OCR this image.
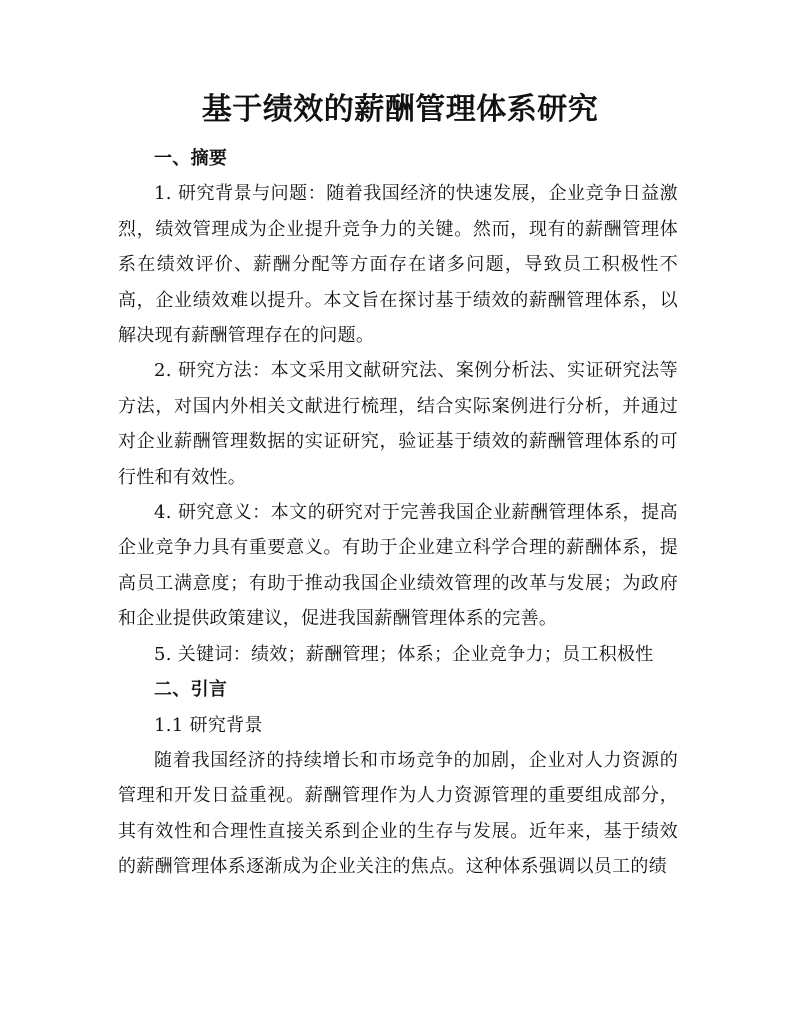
基于绩效的薪酬管理体系研究

一、摘要

1. 研究背景与问题：随着我国经济的快速发展，企业竞争日益激烈，绩效管理成为企业提升竞争力的关键。然而，现有的薪酬管理体系在绩效评价、薪酬分配等方面存在诸多问题，导致员工积极性不高，企业绩效难以提升。本文旨在探讨基于绩效的薪酬管理体系，以解决现有薪酬管理存在的问题。

2. 研究方法：本文采用文献研究法、案例分析法、实证研究法等方法，对国内外相关文献进行梳理，结合实际案例进行分析，并通过对企业薪酬管理数据的实证研究，验证基于绩效的薪酬管理体系的可行性和有效性。

4. 研究意义：本文的研究对于完善我国企业薪酬管理体系，提高企业竞争力具有重要意义。有助于企业建立科学合理的薪酬体系，提高员工满意度；有助于推动我国企业绩效管理的改革与发展；为政府和企业提供政策建议，促进我国薪酬管理体系的完善。

5. 关键词：绩效；薪酬管理；体系；企业竞争力；员工积极性

二、引言

1.1 研究背景

随着我国经济的持续增长和市场竞争的加剧，企业对人力资源的管理和开发日益重视。薪酬管理作为人力资源管理的重要组成部分，其有效性和合理性直接关系到企业的生存与发展。近年来，基于绩效的薪酬管理体系逐渐成为企业关注的焦点。这种体系强调以员工的绩
